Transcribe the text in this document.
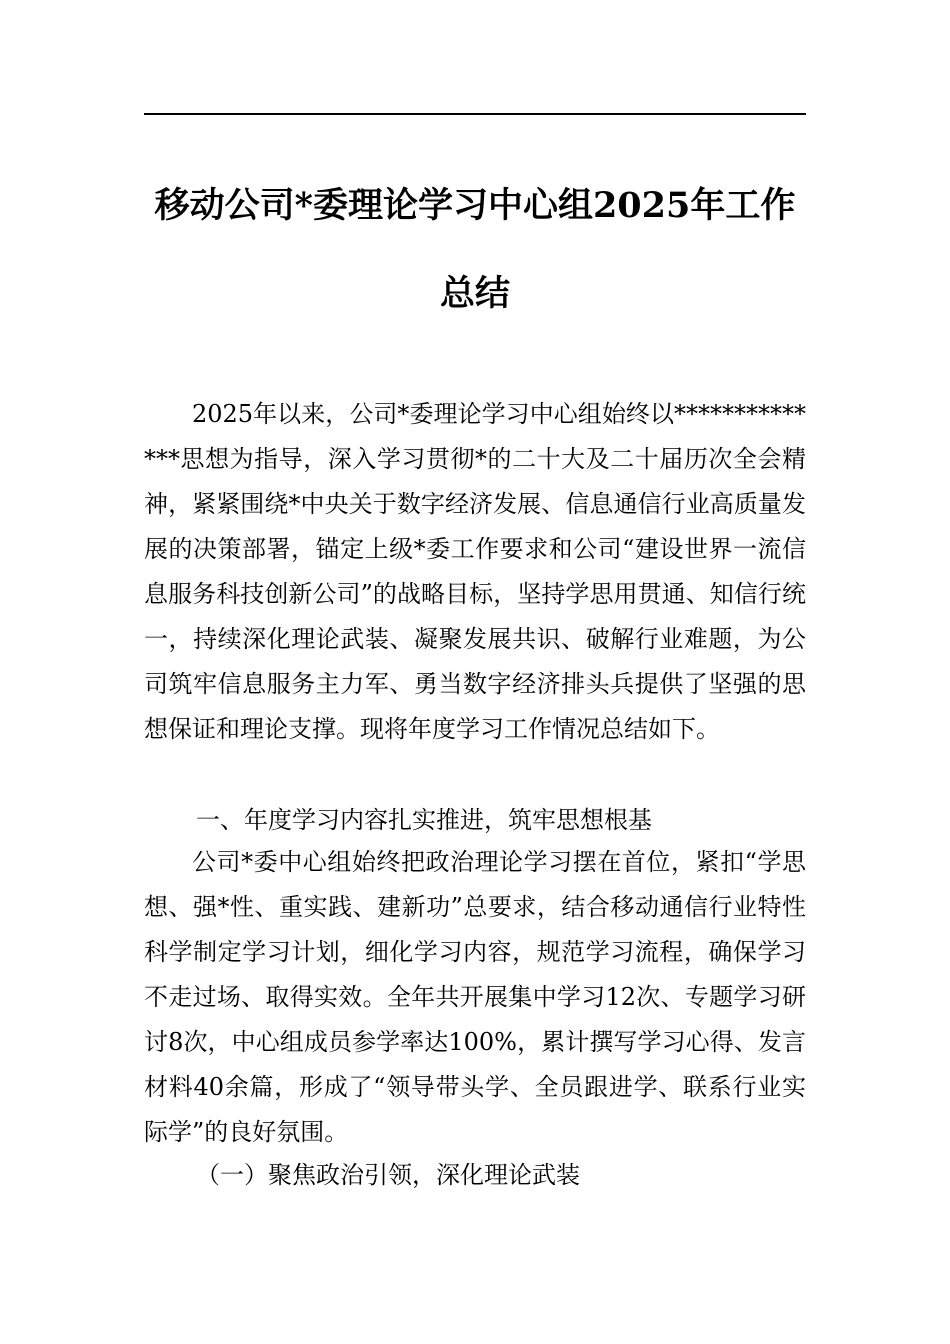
移动公司*委理论学习中心组2025年工作
总结

2025年以来，公司*委理论学习中心组始终以**************思想为指导，深入学习贯彻*的二十大及二十届历次全会精神，紧紧围绕*中央关于数字经济发展、信息通信行业高质量发展的决策部署，锚定上级*委工作要求和公司“建设世界一流信息服务科技创新公司”的战略目标，坚持学思用贯通、知信行统一，持续深化理论武装、凝聚发展共识、破解行业难题，为公司筑牢信息服务主力军、勇当数字经济排头兵提供了坚强的思想保证和理论支撑。现将年度学习工作情况总结如下。

一、年度学习内容扎实推进，筑牢思想根基

公司*委中心组始终把政治理论学习摆在首位，紧扣“学思想、强*性、重实践、建新功”总要求，结合移动通信行业特性科学制定学习计划，细化学习内容，规范学习流程，确保学习不走过场、取得实效。全年共开展集中学习12次、专题学习研讨8次，中心组成员参学率达100%，累计撰写学习心得、发言材料40余篇，形成了“领导带头学、全员跟进学、联系行业实际学”的良好氛围。

（一）聚焦政治引领，深化理论武装
